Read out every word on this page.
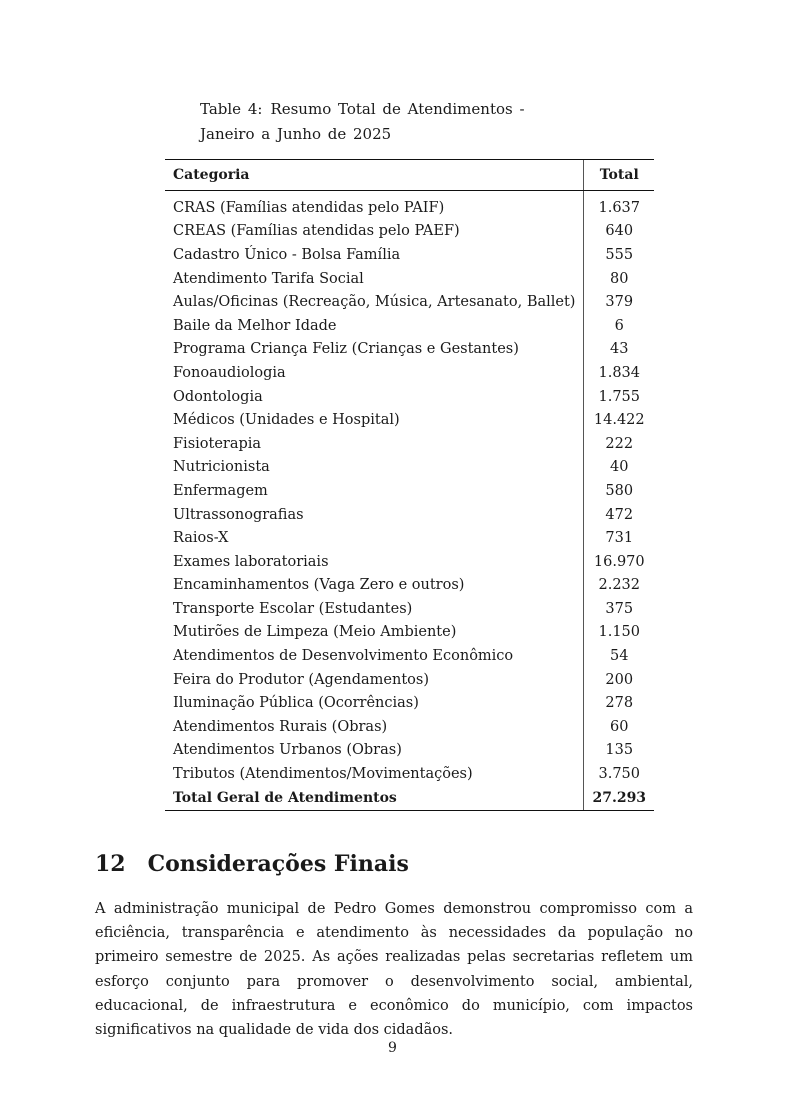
Table 4: Resumo Total de Atendimentos - Janeiro a Junho de 2025
Categoria	Total

CRAS (Famílias atendidas pelo PAIF)	1.637
CREAS (Famílias atendidas pelo PAEF)	640
Cadastro Único - Bolsa Família	555
Atendimento Tarifa Social	80
Aulas/Oficinas (Recreação, Música, Artesanato, Ballet)	379
Baile da Melhor Idade	6
Programa Criança Feliz (Crianças e Gestantes)	43
Fonoaudiologia	1.834
Odontologia	1.755
Médicos (Unidades e Hospital)	14.422
Fisioterapia	222
Nutricionista	40
Enfermagem	580
Ultrassonografias	472
Raios-X	731
Exames laboratoriais	16.970
Encaminhamentos (Vaga Zero e outros)	2.232
Transporte Escolar (Estudantes)	375
Mutirões de Limpeza (Meio Ambiente)	1.150
Atendimentos de Desenvolvimento Econômico	54
Feira do Produtor (Agendamentos)	200
Iluminação Pública (Ocorrências)	278
Atendimentos Rurais (Obras)	60
Atendimentos Urbanos (Obras)	135
Tributos (Atendimentos/Movimentações)	3.750
Total Geral de Atendimentos	27.293
12 Considerações Finais

A administração municipal de Pedro Gomes demonstrou compromisso com a eficiência, transparência e atendimento às necessidades da população no primeiro semestre de 2025. As ações realizadas pelas secretarias refletem um esforço conjunto para promover o desenvolvimento social, ambiental, educacional, de infraestrutura e econômico do município, com impactos significativos na qualidade de vida dos cidadãos.

9
